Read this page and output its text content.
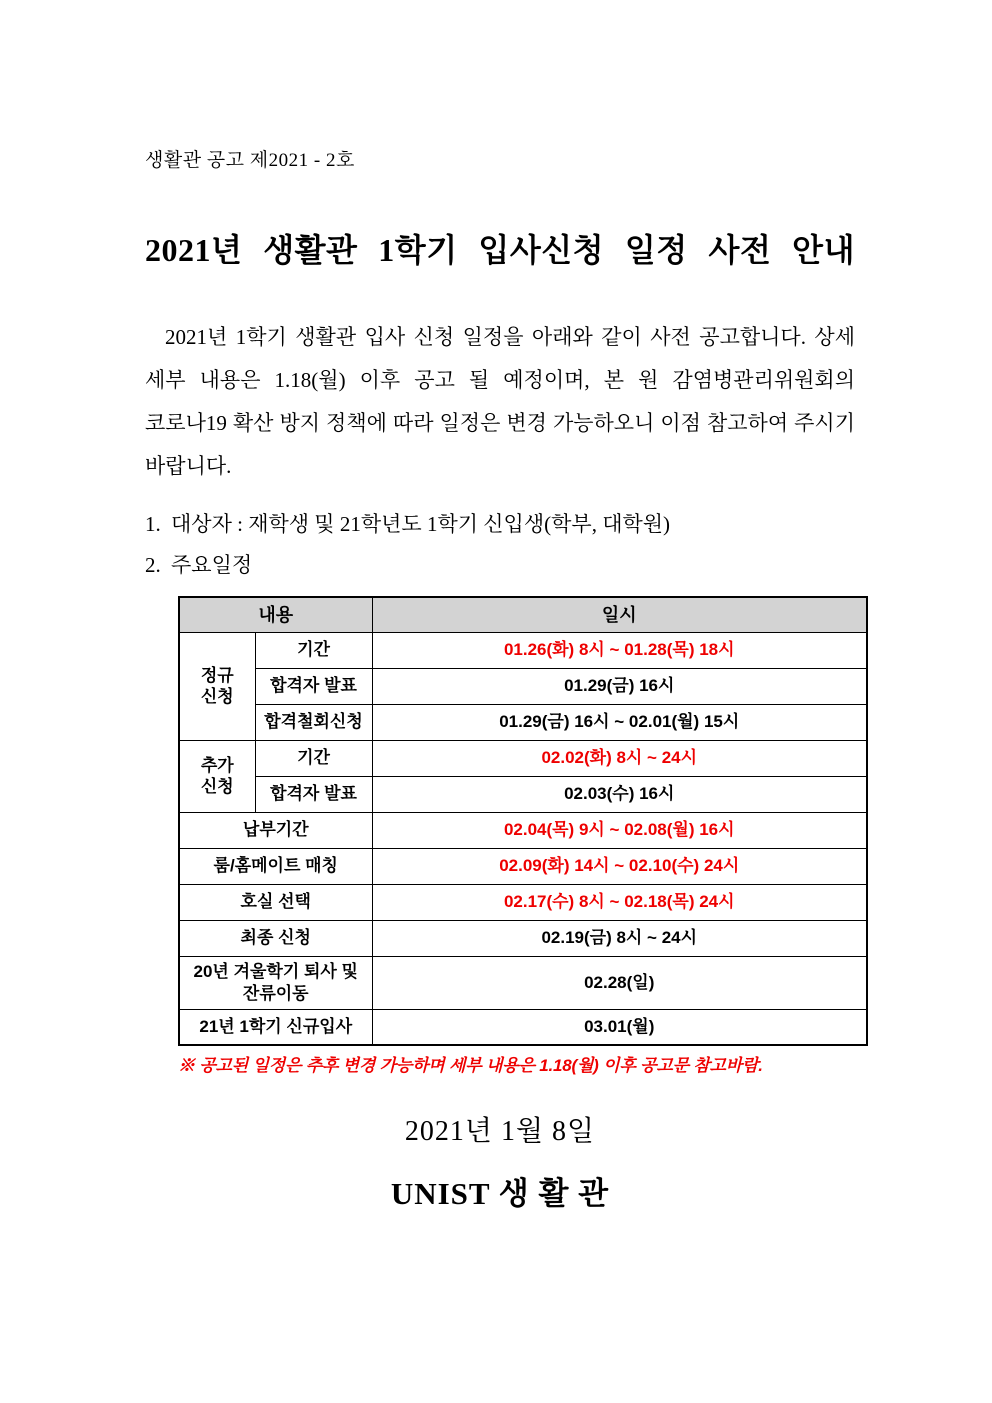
생활관 공고 제2021 - 2호
2021년 생활관 1학기 입사신청 일정 사전 안내

2021년 1학기 생활관 입사 신청 일정을 아래와 같이 사전 공고합니다. 상세 세부 내용은 1.18(월) 이후 공고 될 예정이며, 본 원 감염병관리위원회의 코로나19 확산 방지 정책에 따라 일정은 변경 가능하오니 이점 참고하여 주시기 바랍니다.

1. 대상자 : 재학생 및 21학년도 1학기 신입생(학부, 대학원)
2. 주요일정
내용		일시
정규 신청	기간	01.26(화) 8시 ~ 01.28(목) 18시
	합격자 발표	01.29(금) 16시
	합격철회신청	01.29(금) 16시 ~ 02.01(월) 15시
추가 신청	기간	02.02(화) 8시 ~ 24시
	합격자 발표	02.03(수) 16시
납부기간		02.04(목) 9시 ~ 02.08(월) 16시
룸/홈메이트 매칭		02.09(화) 14시 ~ 02.10(수) 24시
호실 선택		02.17(수) 8시 ~ 02.18(목) 24시
최종 신청		02.19(금) 8시 ~ 24시
20년 겨울학기 퇴사 및 잔류이동		02.28(일)
21년 1학기 신규입사		03.01(월)
※ 공고된 일정은 추후 변경 가능하며 세부 내용은 1.18(월) 이후 공고문 참고바람.
2021년 1월 8일
UNIST 생 활 관
